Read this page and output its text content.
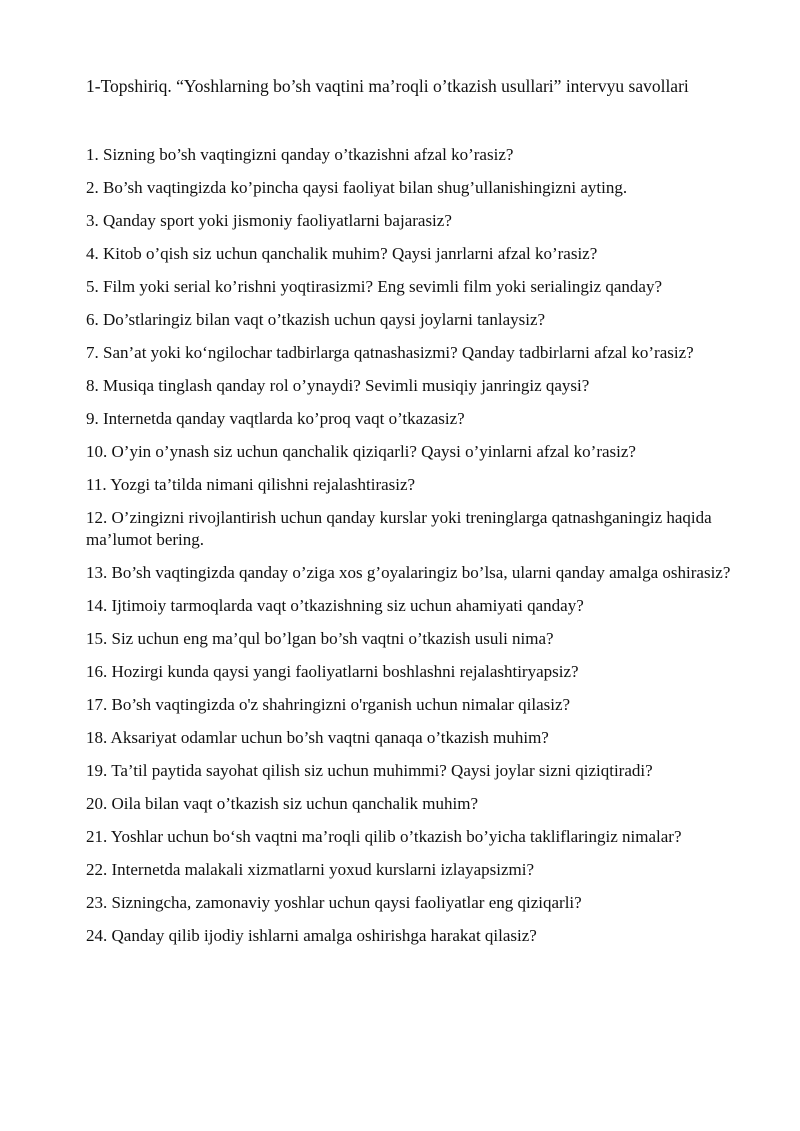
1-Topshiriq. “Yoshlarning bo’sh vaqtini ma’roqli o’tkazish usullari” intervyu savollari
1. Sizning bo’sh vaqtingizni qanday o’tkazishni afzal ko’rasiz?
2. Bo’sh vaqtingizda ko’pincha qaysi faoliyat bilan shug’ullanishingizni ayting.
3. Qanday sport yoki jismoniy faoliyatlarni bajarasiz?
4. Kitob o’qish siz uchun qanchalik muhim? Qaysi janrlarni afzal ko’rasiz?
5. Film yoki serial ko’rishni yoqtirasizmi? Eng sevimli film yoki serialingiz qanday?
6. Do’stlaringiz bilan vaqt o’tkazish uchun qaysi joylarni tanlaysiz?
7. San’at yoki ko‘ngilochar tadbirlarga qatnashasizmi? Qanday tadbirlarni afzal ko’rasiz?
8. Musiqa tinglash qanday rol o’ynaydi? Sevimli musiqiy janringiz qaysi?
9. Internetda qanday vaqtlarda ko’proq vaqt o’tkazasiz?
10. O’yin o’ynash siz uchun qanchalik qiziqarli? Qaysi o’yinlarni afzal ko’rasiz?
11. Yozgi ta’tilda nimani qilishni rejalashtirasiz?
12. O’zingizni rivojlantirish uchun qanday kurslar yoki treninglarga qatnashganingiz haqida ma’lumot bering.
13. Bo’sh vaqtingizda qanday o’ziga xos g’oyalaringiz bo’lsa, ularni qanday amalga oshirasiz?
14. Ijtimoiy tarmoqlarda vaqt o’tkazishning siz uchun ahamiyati qanday?
15. Siz uchun eng ma’qul bo’lgan bo’sh vaqtni o’tkazish usuli nima?
16. Hozirgi kunda qaysi yangi faoliyatlarni boshlashni rejalashtiryapsiz?
17. Bo’sh vaqtingizda o'z shahringizni o'rganish uchun nimalar qilasiz?
18. Aksariyat odamlar uchun bo’sh vaqtni qanaqa o’tkazish muhim?
19. Ta’til paytida sayohat qilish siz uchun muhimmi? Qaysi joylar sizni qiziqtiradi?
20. Oila bilan vaqt o’tkazish siz uchun qanchalik muhim?
21. Yoshlar uchun bo‘sh vaqtni ma’roqli qilib o’tkazish bo’yicha takliflaringiz nimalar?
22. Internetda malakali xizmatlarni yoxud kurslarni izlayapsizmi?
23. Sizningcha, zamonaviy yoshlar uchun qaysi faoliyatlar eng qiziqarli?
24. Qanday qilib ijodiy ishlarni amalga oshirishga harakat qilasiz?
